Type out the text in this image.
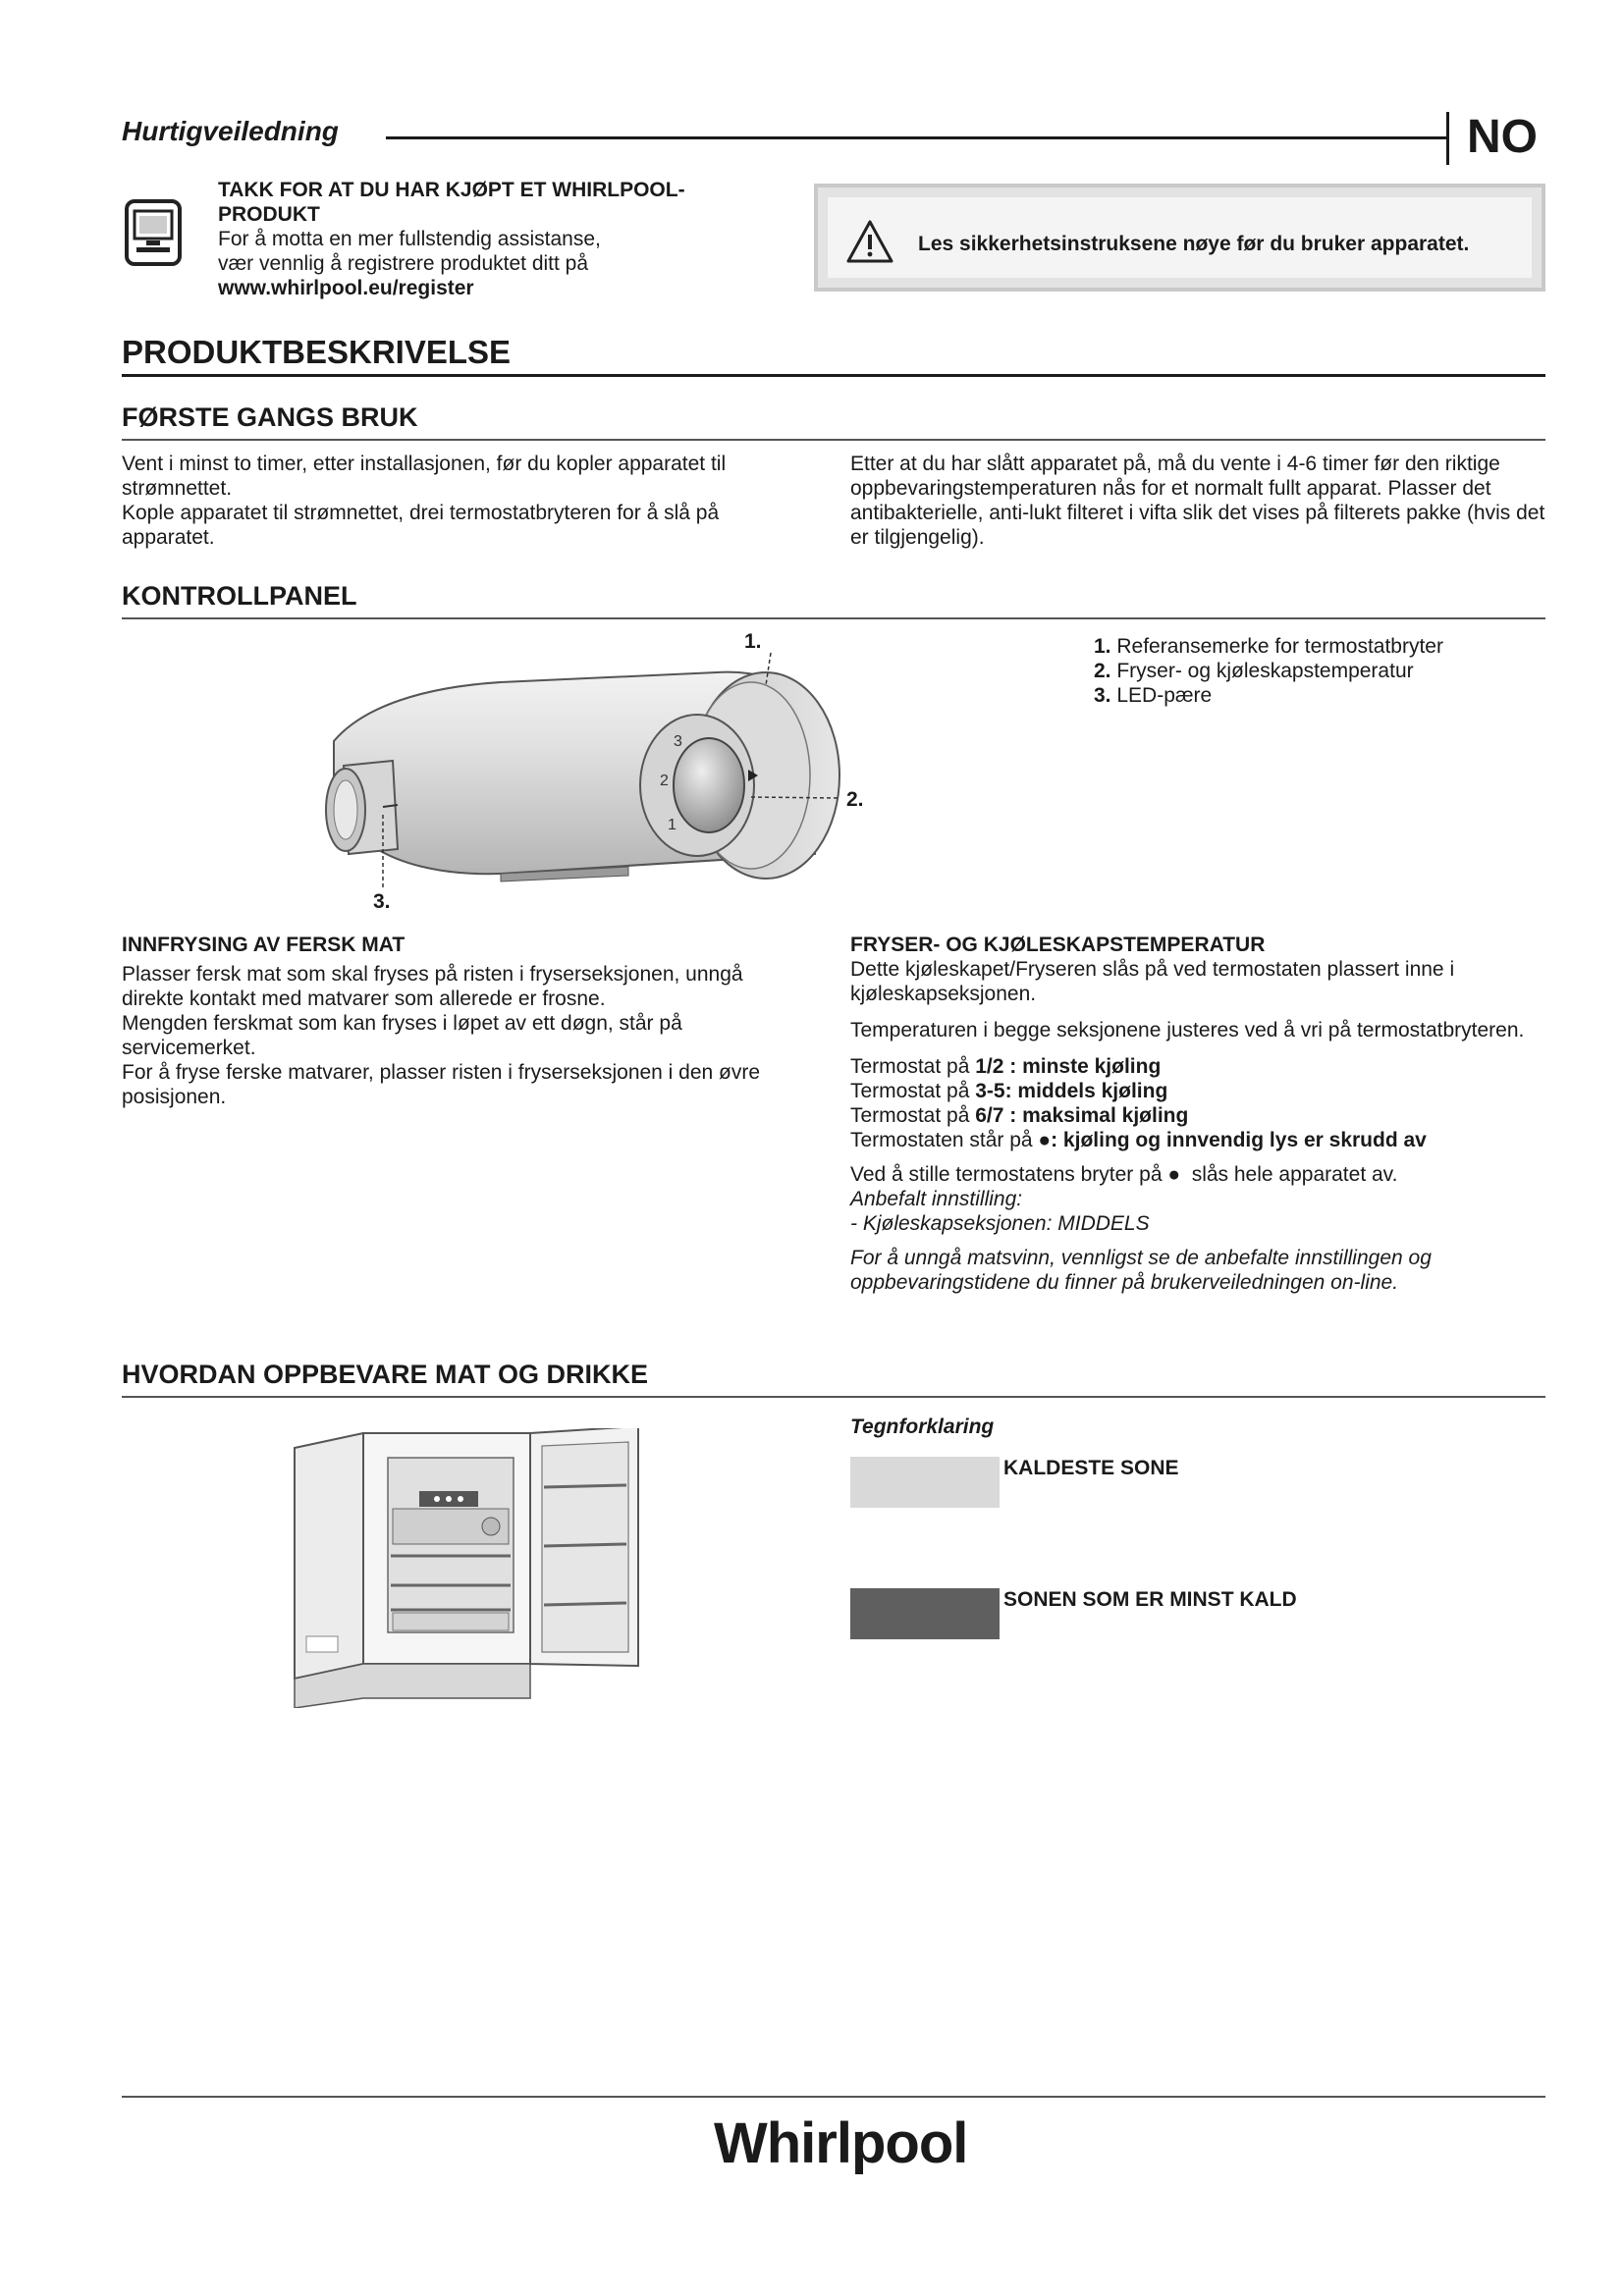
Hurtigveiledning	NO
TAKK FOR AT DU HAR KJØPT ET WHIRLPOOL-
PRODUKT
For å motta en mer fullstendig assistanse,
vær vennlig å registrere produktet ditt på
www.whirlpool.eu/register
Les sikkerhetsinstruksene nøye før du bruker apparatet.
PRODUKTBESKRIVELSE
FØRSTE GANGS BRUK
Vent i minst to timer, etter installasjonen, før du kopler apparatet til strømnettet.
Kople apparatet til strømnettet, drei termostatbryteren for å slå på apparatet.
Etter at du har slått apparatet på, må du vente i 4-6 timer før den riktige oppbevaringstemperaturen nås for et normalt fullt apparat. Plasser det antibakterielle, anti-lukt filteret i vifta slik det vises på filterets pakke (hvis det er tilgjengelig).
KONTROLLPANEL
1
2
3
1.
2.
3.
1. Referansemerke for termostatbryter
2. Fryser- og kjøleskapstemperatur
3. LED-pære
INNFRYSING AV FERSK MAT
Plasser fersk mat som skal fryses på risten i fryserseksjonen, unngå direkte kontakt med matvarer som allerede er frosne.
Mengden ferskmat som kan fryses i løpet av ett døgn, står på servicemerket.
For å fryse ferske matvarer, plasser risten i fryserseksjonen i den øvre posisjonen.
FRYSER- OG KJØLESKAPSTEMPERATUR
Dette kjøleskapet/Fryseren slås på ved termostaten plassert inne i kjøleskapseksjonen.
Temperaturen i begge seksjonene justeres ved å vri på termostatbryteren.
Termostat på 1/2 : minste kjøling
Termostat på 3-5: middels kjøling
Termostat på 6/7 : maksimal kjøling
Termostaten står på ●: kjøling og innvendig lys er skrudd av
Ved å stille termostatens bryter på ● slås hele apparatet av.
Anbefalt innstilling:
- Kjøleskapseksjonen: MIDDELS
For å unngå matsvinn, vennligst se de anbefalte innstillingen og oppbevaringstidene du finner på brukerveiledningen on-line.
HVORDAN OPPBEVARE MAT OG DRIKKE
Tegnforklaring
KALDESTE SONE
SONEN SOM ER MINST KALD
Whirlpool
